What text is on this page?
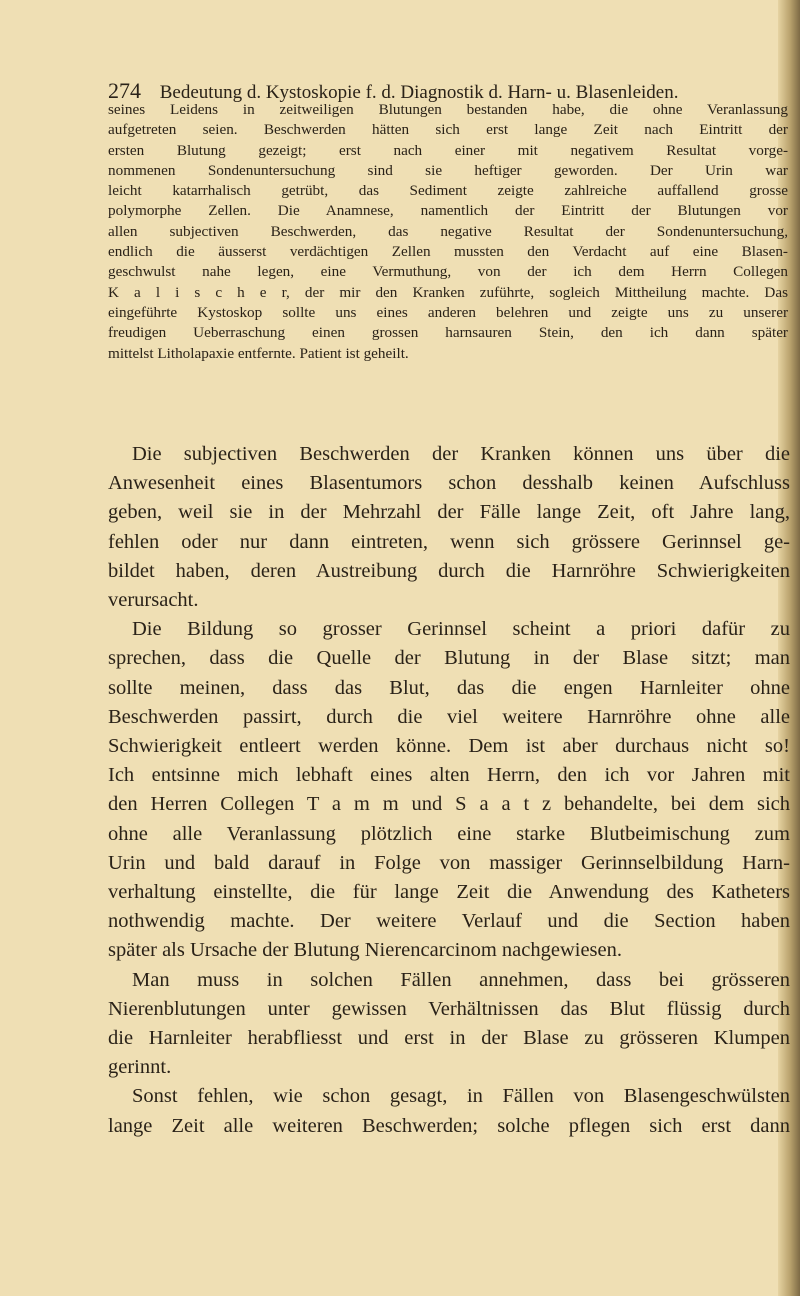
274 Bedeutung d. Kystoskopie f. d. Diagnostik d. Harn- u. Blasenleiden.
seines Leidens in zeitweiligen Blutungen bestanden habe, die ohne Veranlassung
aufgetreten seien. Beschwerden hätten sich erst lange Zeit nach Eintritt der
ersten Blutung gezeigt; erst nach einer mit negativem Resultat vorge-
nommenen Sondenuntersuchung sind sie heftiger geworden. Der Urin war
leicht katarrhalisch getrübt, das Sediment zeigte zahlreiche auffallend grosse
polymorphe Zellen. Die Anamnese, namentlich der Eintritt der Blutungen vor
allen subjectiven Beschwerden, das negative Resultat der Sondenuntersuchung,
endlich die äusserst verdächtigen Zellen mussten den Verdacht auf eine Blasen-
geschwulst nahe legen, eine Vermuthung, von der ich dem Herrn Collegen
K a l i s c h e r, der mir den Kranken zuführte, sogleich Mittheilung machte. Das
eingeführte Kystoskop sollte uns eines anderen belehren und zeigte uns zu unserer
freudigen Ueberraschung einen grossen harnsauren Stein, den ich dann später
mittelst Litholapaxie entfernte. Patient ist geheilt.
Die subjectiven Beschwerden der Kranken können uns über die
Anwesenheit eines Blasentumors schon desshalb keinen Aufschluss
geben, weil sie in der Mehrzahl der Fälle lange Zeit, oft Jahre lang,
fehlen oder nur dann eintreten, wenn sich grössere Gerinnsel ge-
bildet haben, deren Austreibung durch die Harnröhre Schwierigkeiten
verursacht.
Die Bildung so grosser Gerinnsel scheint a priori dafür zu
sprechen, dass die Quelle der Blutung in der Blase sitzt; man
sollte meinen, dass das Blut, das die engen Harnleiter ohne
Beschwerden passirt, durch die viel weitere Harnröhre ohne alle
Schwierigkeit entleert werden könne. Dem ist aber durchaus nicht so!
Ich entsinne mich lebhaft eines alten Herrn, den ich vor Jahren mit
den Herren Collegen T a m m und S a a t z behandelte, bei dem sich
ohne alle Veranlassung plötzlich eine starke Blutbeimischung zum
Urin und bald darauf in Folge von massiger Gerinnselbildung Harn-
verhaltung einstellte, die für lange Zeit die Anwendung des Katheters
nothwendig machte. Der weitere Verlauf und die Section haben
später als Ursache der Blutung Nierencarcinom nachgewiesen.
Man muss in solchen Fällen annehmen, dass bei grösseren
Nierenblutungen unter gewissen Verhältnissen das Blut flüssig durch
die Harnleiter herabfliesst und erst in der Blase zu grösseren Klumpen
gerinnt.
Sonst fehlen, wie schon gesagt, in Fällen von Blasengeschwülsten
lange Zeit alle weiteren Beschwerden; solche pflegen sich erst dann
